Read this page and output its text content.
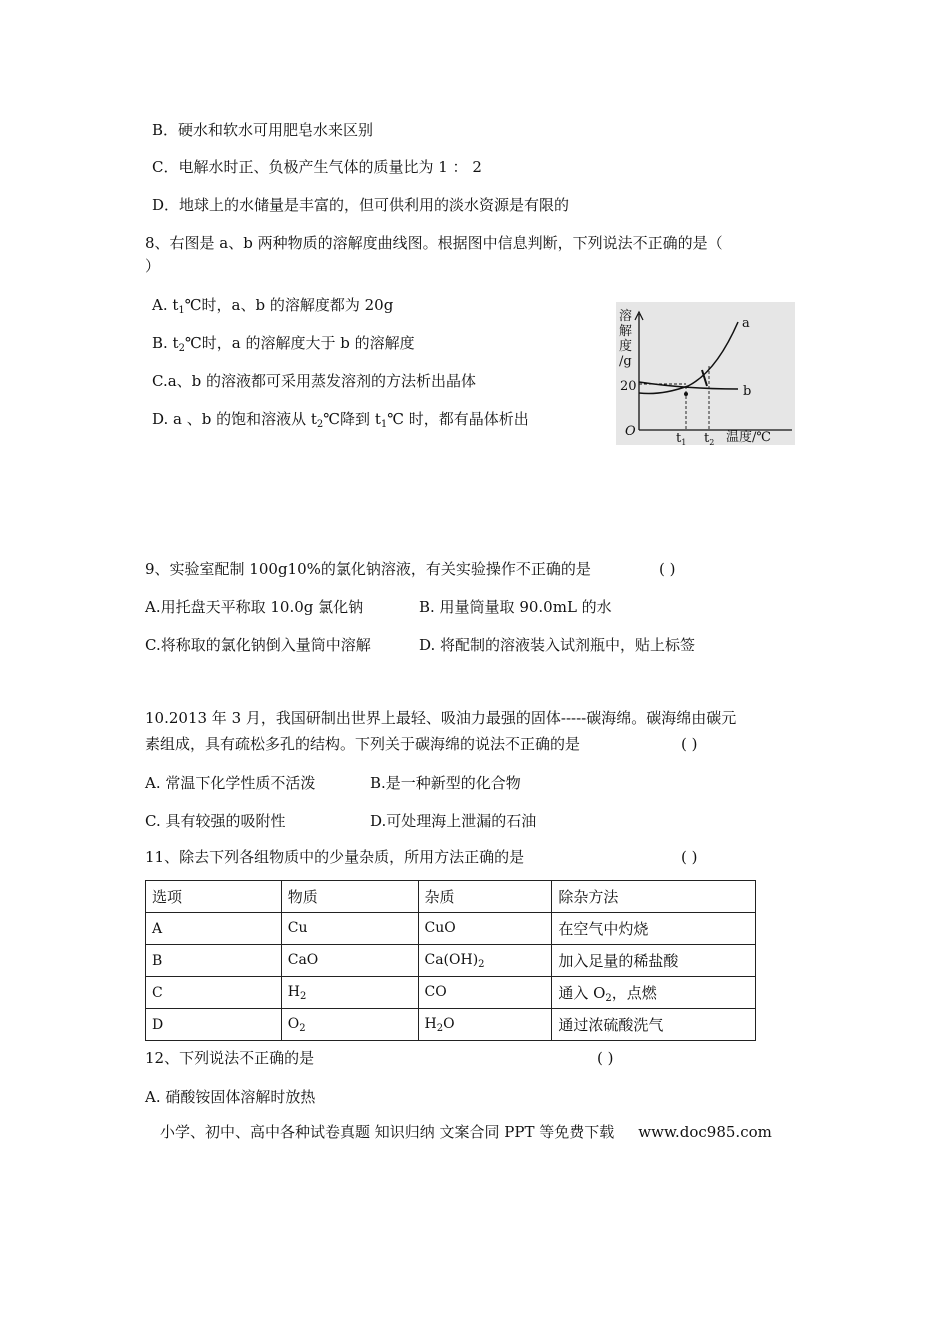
B．硬水和软水可用肥皂水来区别
C．电解水时正、负极产生气体的质量比为 1 ： 2
D．地球上的水储量是丰富的，但可供利用的淡水资源是有限的
8、右图是 a、b 两种物质的溶解度曲线图。根据图中信息判断，下列说法不正确的是（
）
A. $t_1℃$时，a、b 的溶解度都为 20g
B. $t_2℃$时，a 的溶解度大于 b 的溶解度
C.a、b 的溶液都可采用蒸发溶剂的方法析出晶体
D. a 、b 的饱和溶液从 $t_2℃$降到 $t_1℃$ 时，都有晶体析出
溶
解
度
/g
20
O
a
b
$t_1$ $t_2$ 温度/℃
9、实验室配制 100g10%的氯化钠溶液，有关实验操作不正确的是	( )
A.用托盘天平称取 10.0g 氯化钠	B. 用量筒量取 90.0mL 的水
C.将称取的氯化钠倒入量筒中溶解	D. 将配制的溶液装入试剂瓶中，贴上标签
10.2013 年 3 月，我国研制出世界上最轻、吸油力最强的固体-----碳海绵。碳海绵由碳元
素组成，具有疏松多孔的结构。下列关于碳海绵的说法不正确的是	( )
A. 常温下化学性质不活泼	B.是一种新型的化合物
C. 具有较强的吸附性	D.可处理海上泄漏的石油
11、除去下列各组物质中的少量杂质，所用方法正确的是	( )
选项	物质	杂质	除杂方法
A	Cu	CuO	在空气中灼烧
B	CaO	$Ca(OH)_2$	加入足量的稀盐酸
C	$H_2$	CO	通入 $O_2$，点燃
D	$O_2$	$H_2O$	通过浓硫酸洗气
12、下列说法不正确的是	( )
A. 硝酸铵固体溶解时放热
小学、初中、高中各种试卷真题 知识归纳 文案合同 PPT 等免费下载 www.doc985.com
